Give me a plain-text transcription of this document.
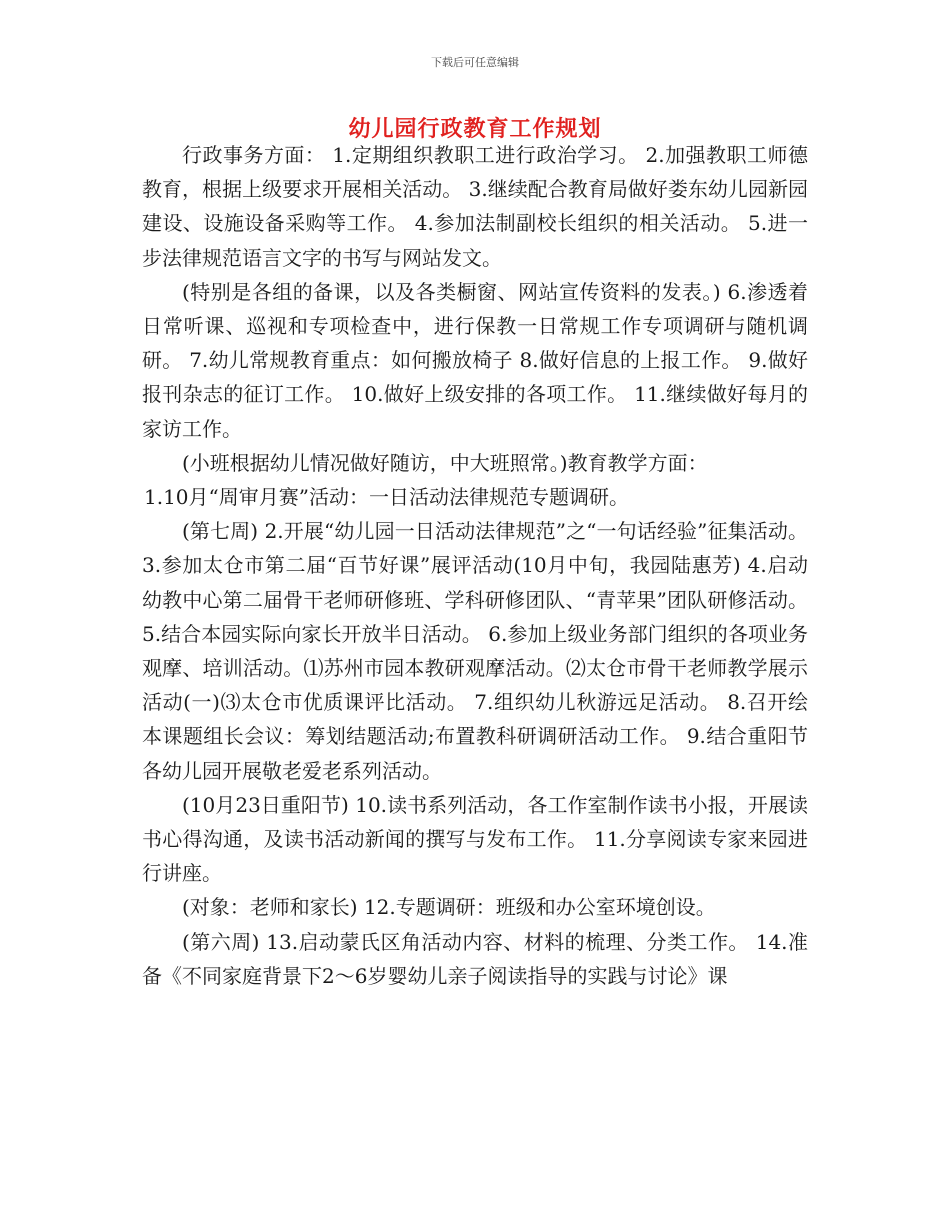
下载后可任意编辑
幼儿园行政教育工作规划

行政事务方面： 1.定期组织教职工进行政治学习。 2.加强教职工师德教育，根据上级要求开展相关活动。 3.继续配合教育局做好娄东幼儿园新园建设、设施设备采购等工作。 4.参加法制副校长组织的相关活动。 5.进一步法律规范语言文字的书写与网站发文。

(特别是各组的备课，以及各类橱窗、网站宣传资料的发表。) 6.渗透着日常听课、巡视和专项检查中，进行保教一日常规工作专项调研与随机调研。 7.幼儿常规教育重点：如何搬放椅子 8.做好信息的上报工作。 9.做好报刊杂志的征订工作。 10.做好上级安排的各项工作。 11.继续做好每月的家访工作。

(小班根据幼儿情况做好随访，中大班照常。)教育教学方面：

1.10月“周审月赛”活动：一日活动法律规范专题调研。

(第七周) 2.开展“幼儿园一日活动法律规范”之“一句话经验”征集活动。 3.参加太仓市第二届“百节好课”展评活动(10月中旬，我园陆惠芳) 4.启动幼教中心第二届骨干老师研修班、学科研修团队、“青苹果”团队研修活动。 5.结合本园实际向家长开放半日活动。 6.参加上级业务部门组织的各项业务观摩、培训活动。⑴苏州市园本教研观摩活动。⑵太仓市骨干老师教学展示活动(一)⑶太仓市优质课评比活动。 7.组织幼儿秋游远足活动。 8.召开绘本课题组长会议：筹划结题活动;布置教科研调研活动工作。 9.结合重阳节各幼儿园开展敬老爱老系列活动。

(10月23日重阳节) 10.读书系列活动，各工作室制作读书小报，开展读书心得沟通，及读书活动新闻的撰写与发布工作。 11.分享阅读专家来园进行讲座。

(对象：老师和家长) 12.专题调研：班级和办公室环境创设。

(第六周) 13.启动蒙氏区角活动内容、材料的梳理、分类工作。 14.准备《不同家庭背景下2～6岁婴幼儿亲子阅读指导的实践与讨论》课
